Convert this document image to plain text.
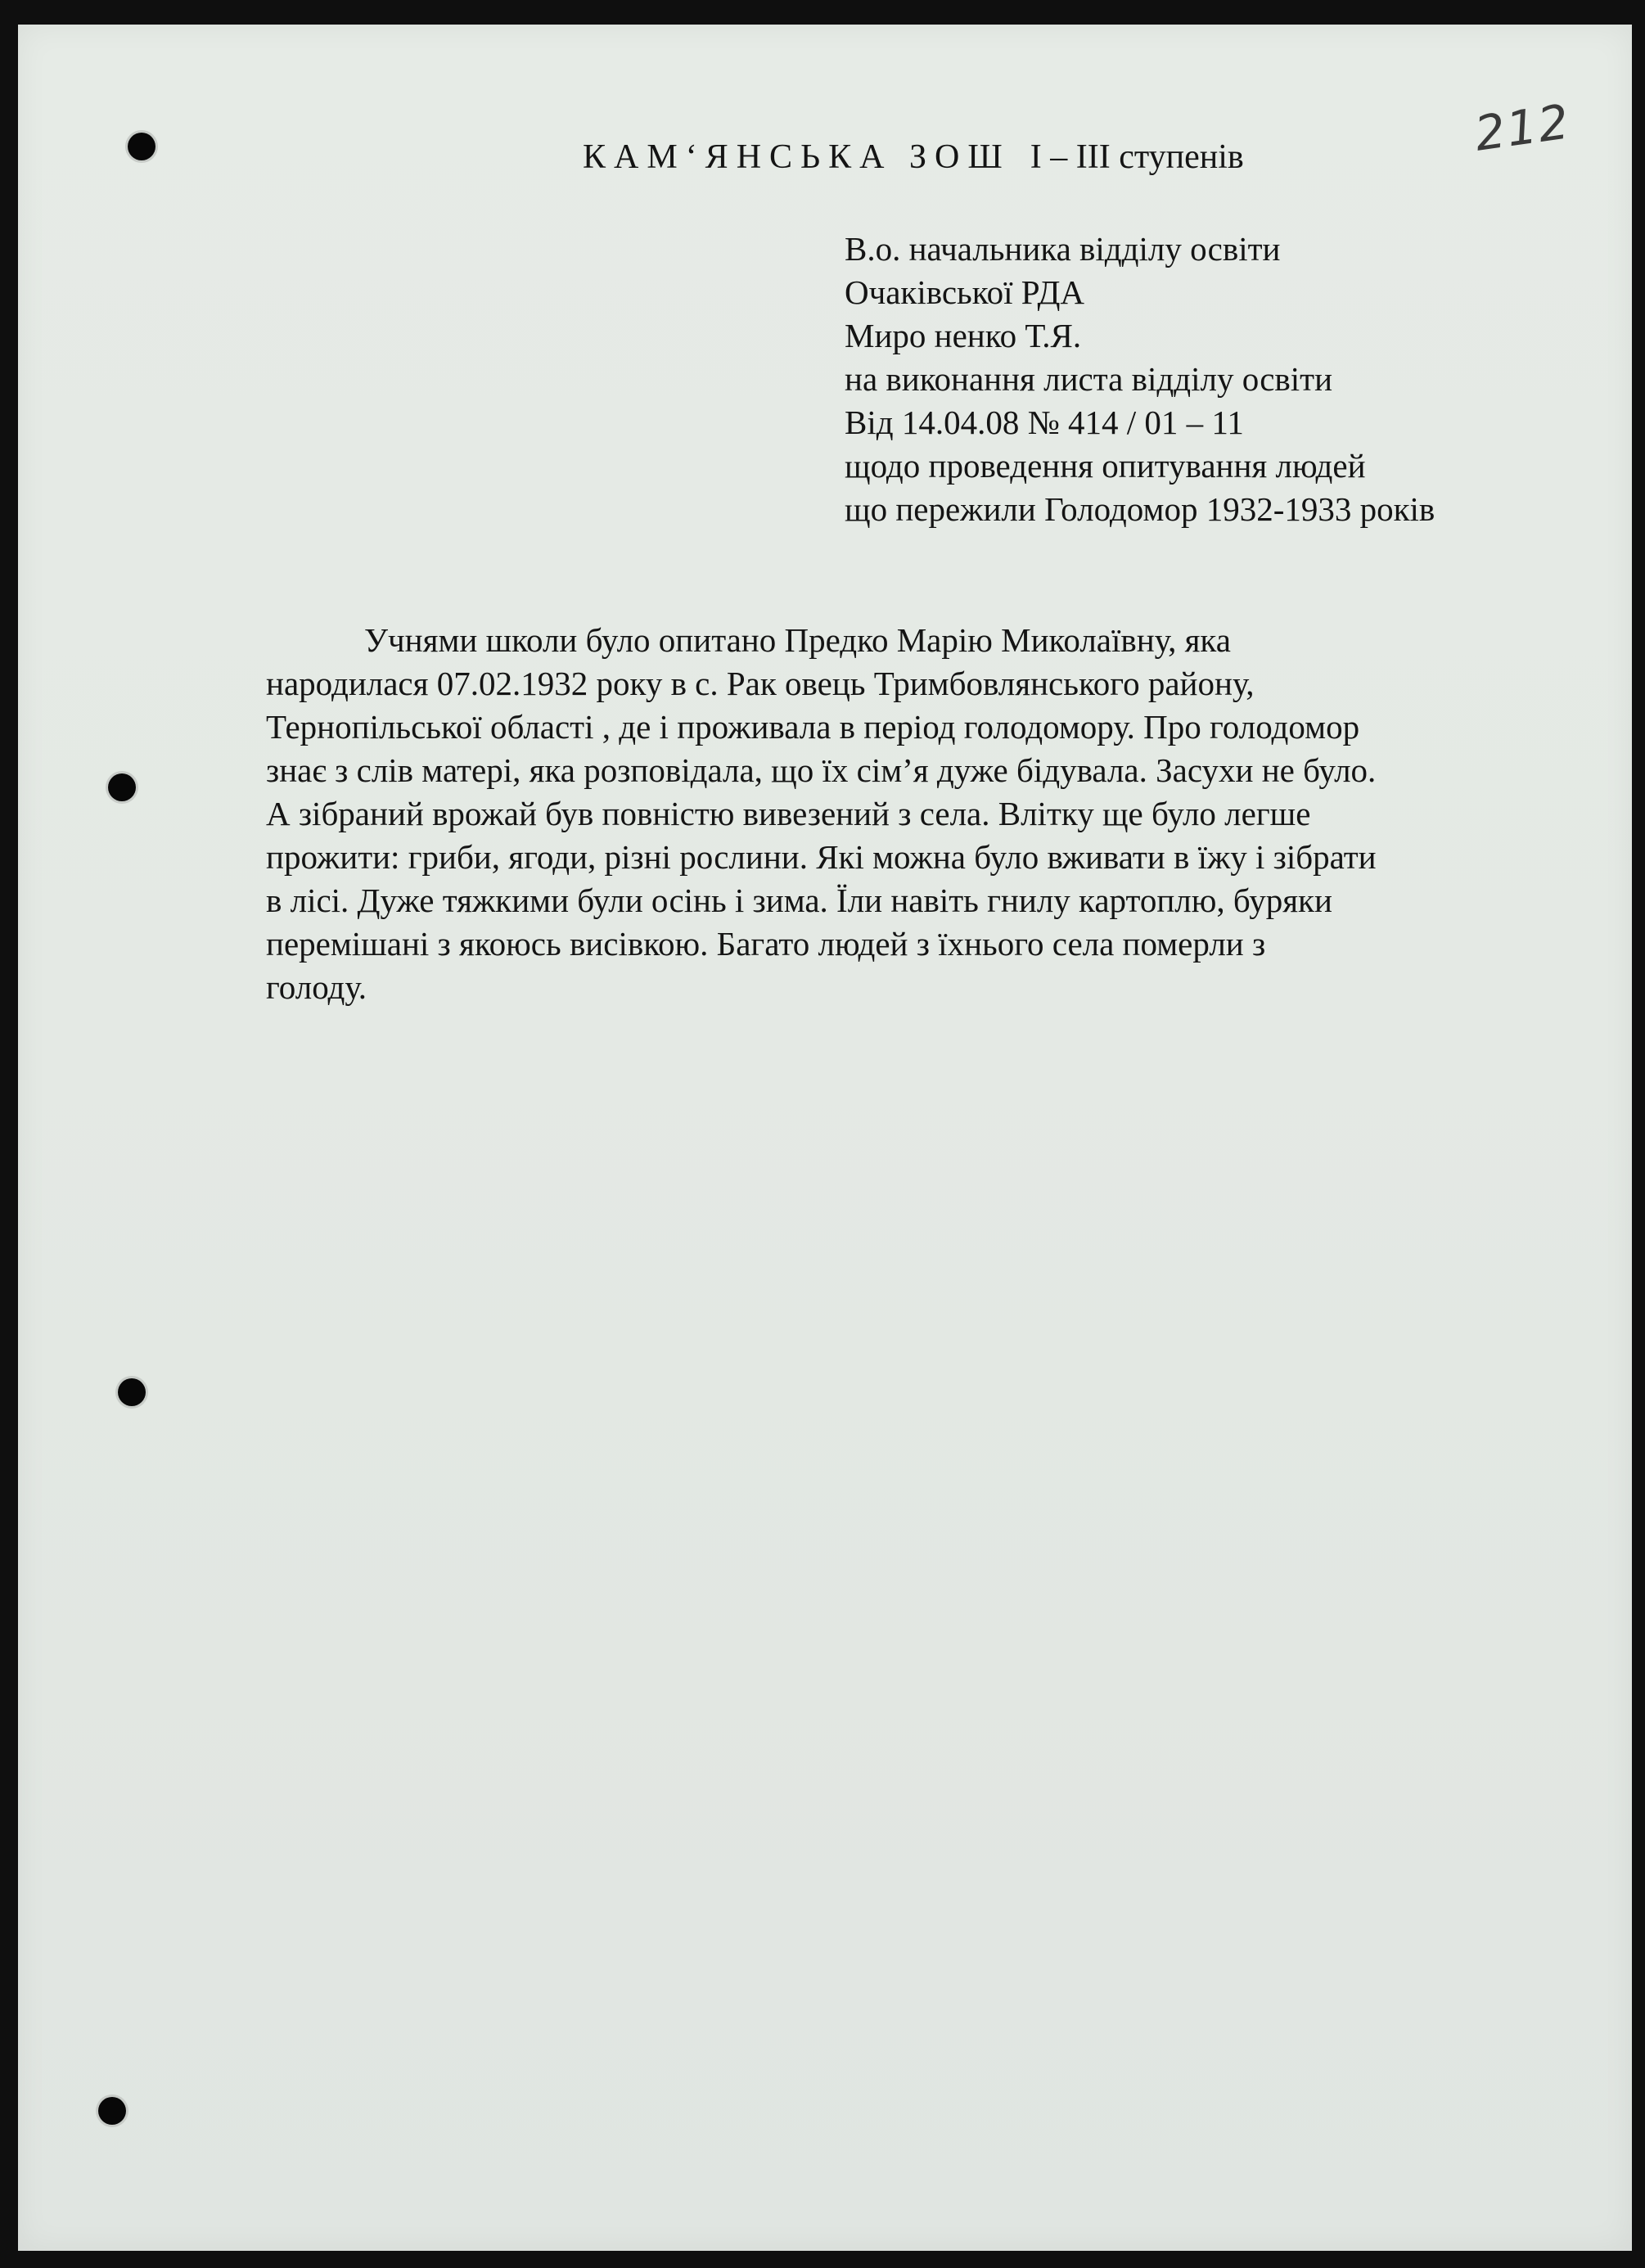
212
КАМ‘ЯНСЬКА ЗОШ I – III ступенів
В.о. начальника відділу освіти
Очаківської РДА
Миро ненко Т.Я.
на виконання листа відділу освіти
Від 14.04.08 № 414 / 01 – 11
щодо проведення опитування людей
що пережили Голодомор 1932-1933 років
Учнями школи було опитано Предко Марію Миколаївну, яка
народилася 07.02.1932 року в с. Рак овець Тримбовлянського району,
Тернопільської області , де і проживала в період голодомору. Про голодомор
знає з слів матері, яка розповідала, що їх сім’я дуже бідувала. Засухи не було.
А зібраний врожай був повністю вивезений з села. Влітку ще було легше
прожити: гриби, ягоди, різні рослини. Які можна було вживати в їжу і зібрати
в лісі. Дуже тяжкими були осінь і зима. Їли навіть гнилу картоплю, буряки
перемішані з якоюсь висівкою. Багато людей з їхнього села померли з
голоду.
